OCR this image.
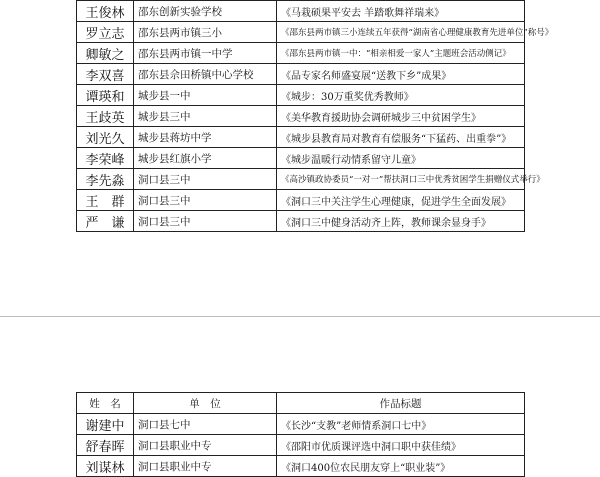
王俊林	邵东创新实验学校	《马栽硕果平安去 羊踏歌舞祥瑞来》
罗立志	邵东县两市镇三小	《邵东县两市镇三小连续五年获得“湖南省心理健康教育先进单位”称号》
卿敏之	邵东县两市镇一中学	《邵东县两市镇一中：“相亲相爱一家人”主题班会活动侧记》
李双喜	邵东县佘田桥镇中心学校	《品专家名师盛宴展“送教下乡”成果》
谭瑛和	城步县一中	《城步：30万重奖优秀教师》
王歧英	城步县三中	《美华教育援助协会调研城步三中贫困学生》
刘光久	城步县蒋坊中学	《城步县教育局对教育有偿服务“下猛药、出重拳”》
李荣峰	城步县红旗小学	《城步温暖行动情系留守儿童》
李先淼	洞口县三中	《高沙镇政协委员“一对一”帮扶洞口三中优秀贫困学生捐赠仪式举行》
王　群	洞口县三中	《洞口三中关注学生心理健康，促进学生全面发展》
严　谦	洞口县三中	《洞口三中健身活动齐上阵，教师课余显身手》
姓　名	单　位	作品标题
谢建中	洞口县七中	《长沙“支教”老师情系洞口七中》
舒春晖	洞口县职业中专	《邵阳市优质课评选中洞口职中获佳绩》
刘谋林	洞口县职业中专	《洞口400位农民朋友穿上“职业装”》
